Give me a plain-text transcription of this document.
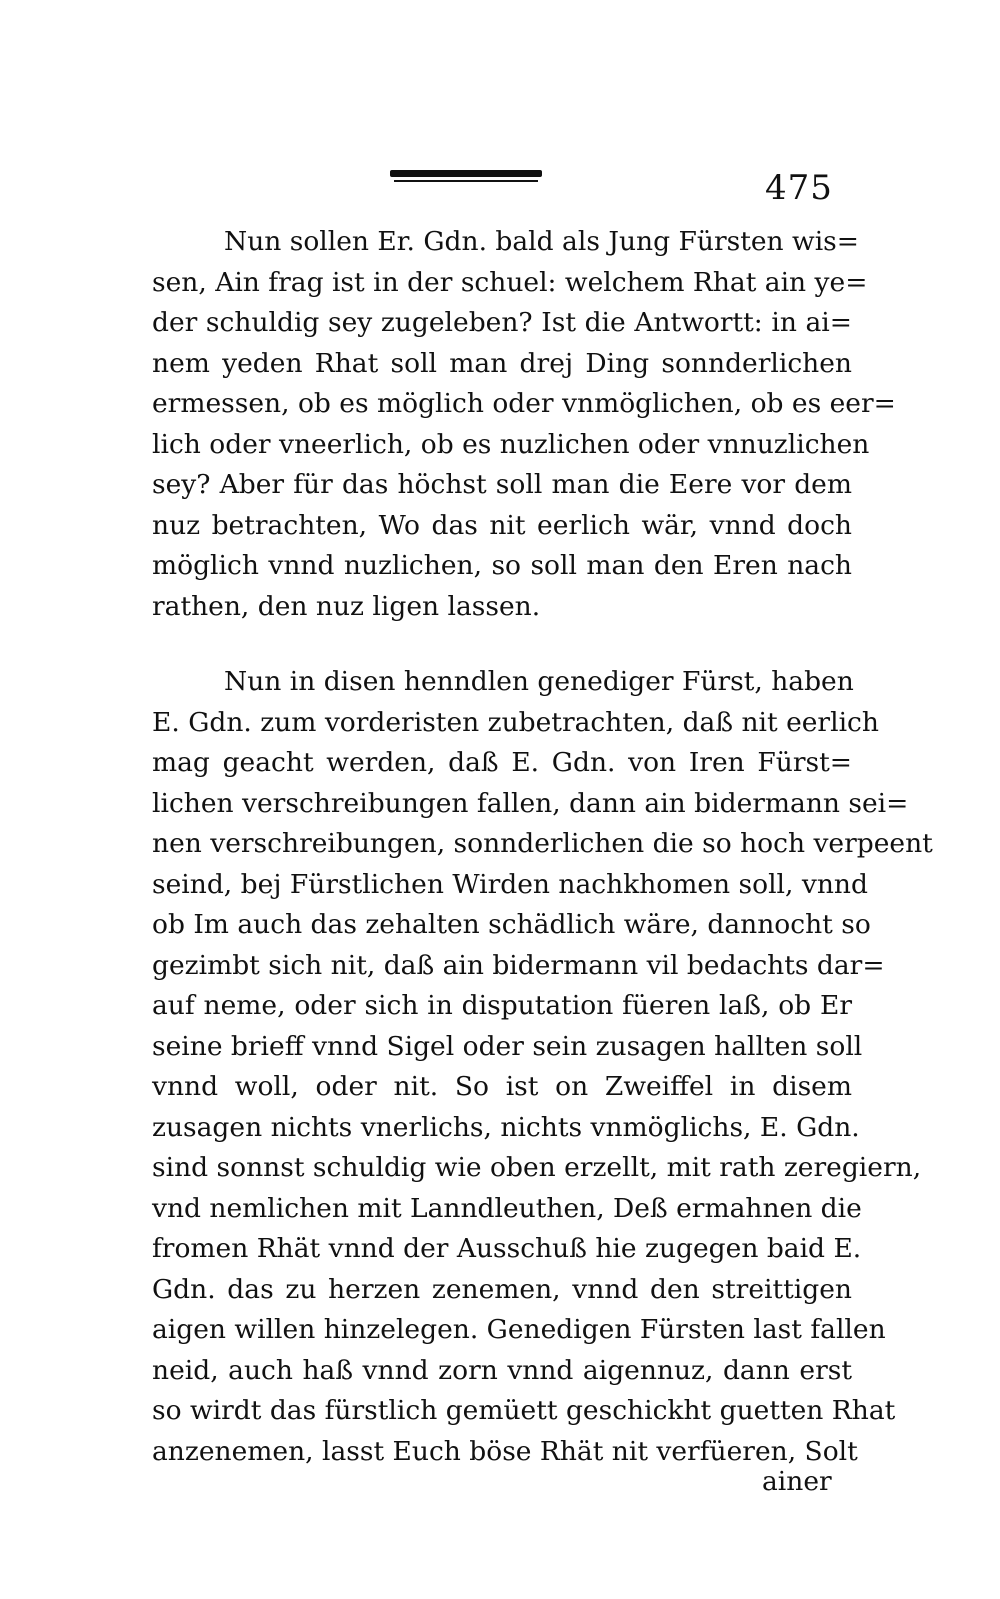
475
Nun sollen Er. Gdn. bald als Jung Fürsten wis=
sen, Ain frag ist in der schuel: welchem Rhat ain ye=
der schuldig sey zugeleben? Ist die Antwortt: in ai=
nem yeden Rhat soll man drej Ding sonnderlichen
ermessen, ob es möglich oder vnmöglichen, ob es eer=
lich oder vneerlich, ob es nuzlichen oder vnnuzlichen
sey? Aber für das höchst soll man die Eere vor dem
nuz betrachten, Wo das nit eerlich wär, vnnd doch
möglich vnnd nuzlichen, so soll man den Eren nach
rathen, den nuz ligen lassen.
Nun in disen henndlen genediger Fürst, haben
E. Gdn. zum vorderisten zubetrachten, daß nit eerlich
mag geacht werden, daß E. Gdn. von Iren Fürst=
lichen verschreibungen fallen, dann ain bidermann sei=
nen verschreibungen, sonnderlichen die so hoch verpeent
seind, bej Fürstlichen Wirden nachkhomen soll, vnnd
ob Im auch das zehalten schädlich wäre, dannocht so
gezimbt sich nit, daß ain bidermann vil bedachts dar=
auf neme, oder sich in disputation füeren laß, ob Er
seine brieff vnnd Sigel oder sein zusagen hallten soll
vnnd woll, oder nit. So ist on Zweiffel in disem
zusagen nichts vnerlichs, nichts vnmöglichs, E. Gdn.
sind sonnst schuldig wie oben erzellt, mit rath zeregiern,
vnd nemlichen mit Lanndleuthen, Deß ermahnen die
fromen Rhät vnnd der Ausschuß hie zugegen baid E.
Gdn. das zu herzen zenemen, vnnd den streittigen
aigen willen hinzelegen. Genedigen Fürsten last fallen
neid, auch haß vnnd zorn vnnd aigennuz, dann erst
so wirdt das fürstlich gemüett geschickht guetten Rhat
anzenemen, lasst Euch böse Rhät nit verfüeren, Solt
ainer
